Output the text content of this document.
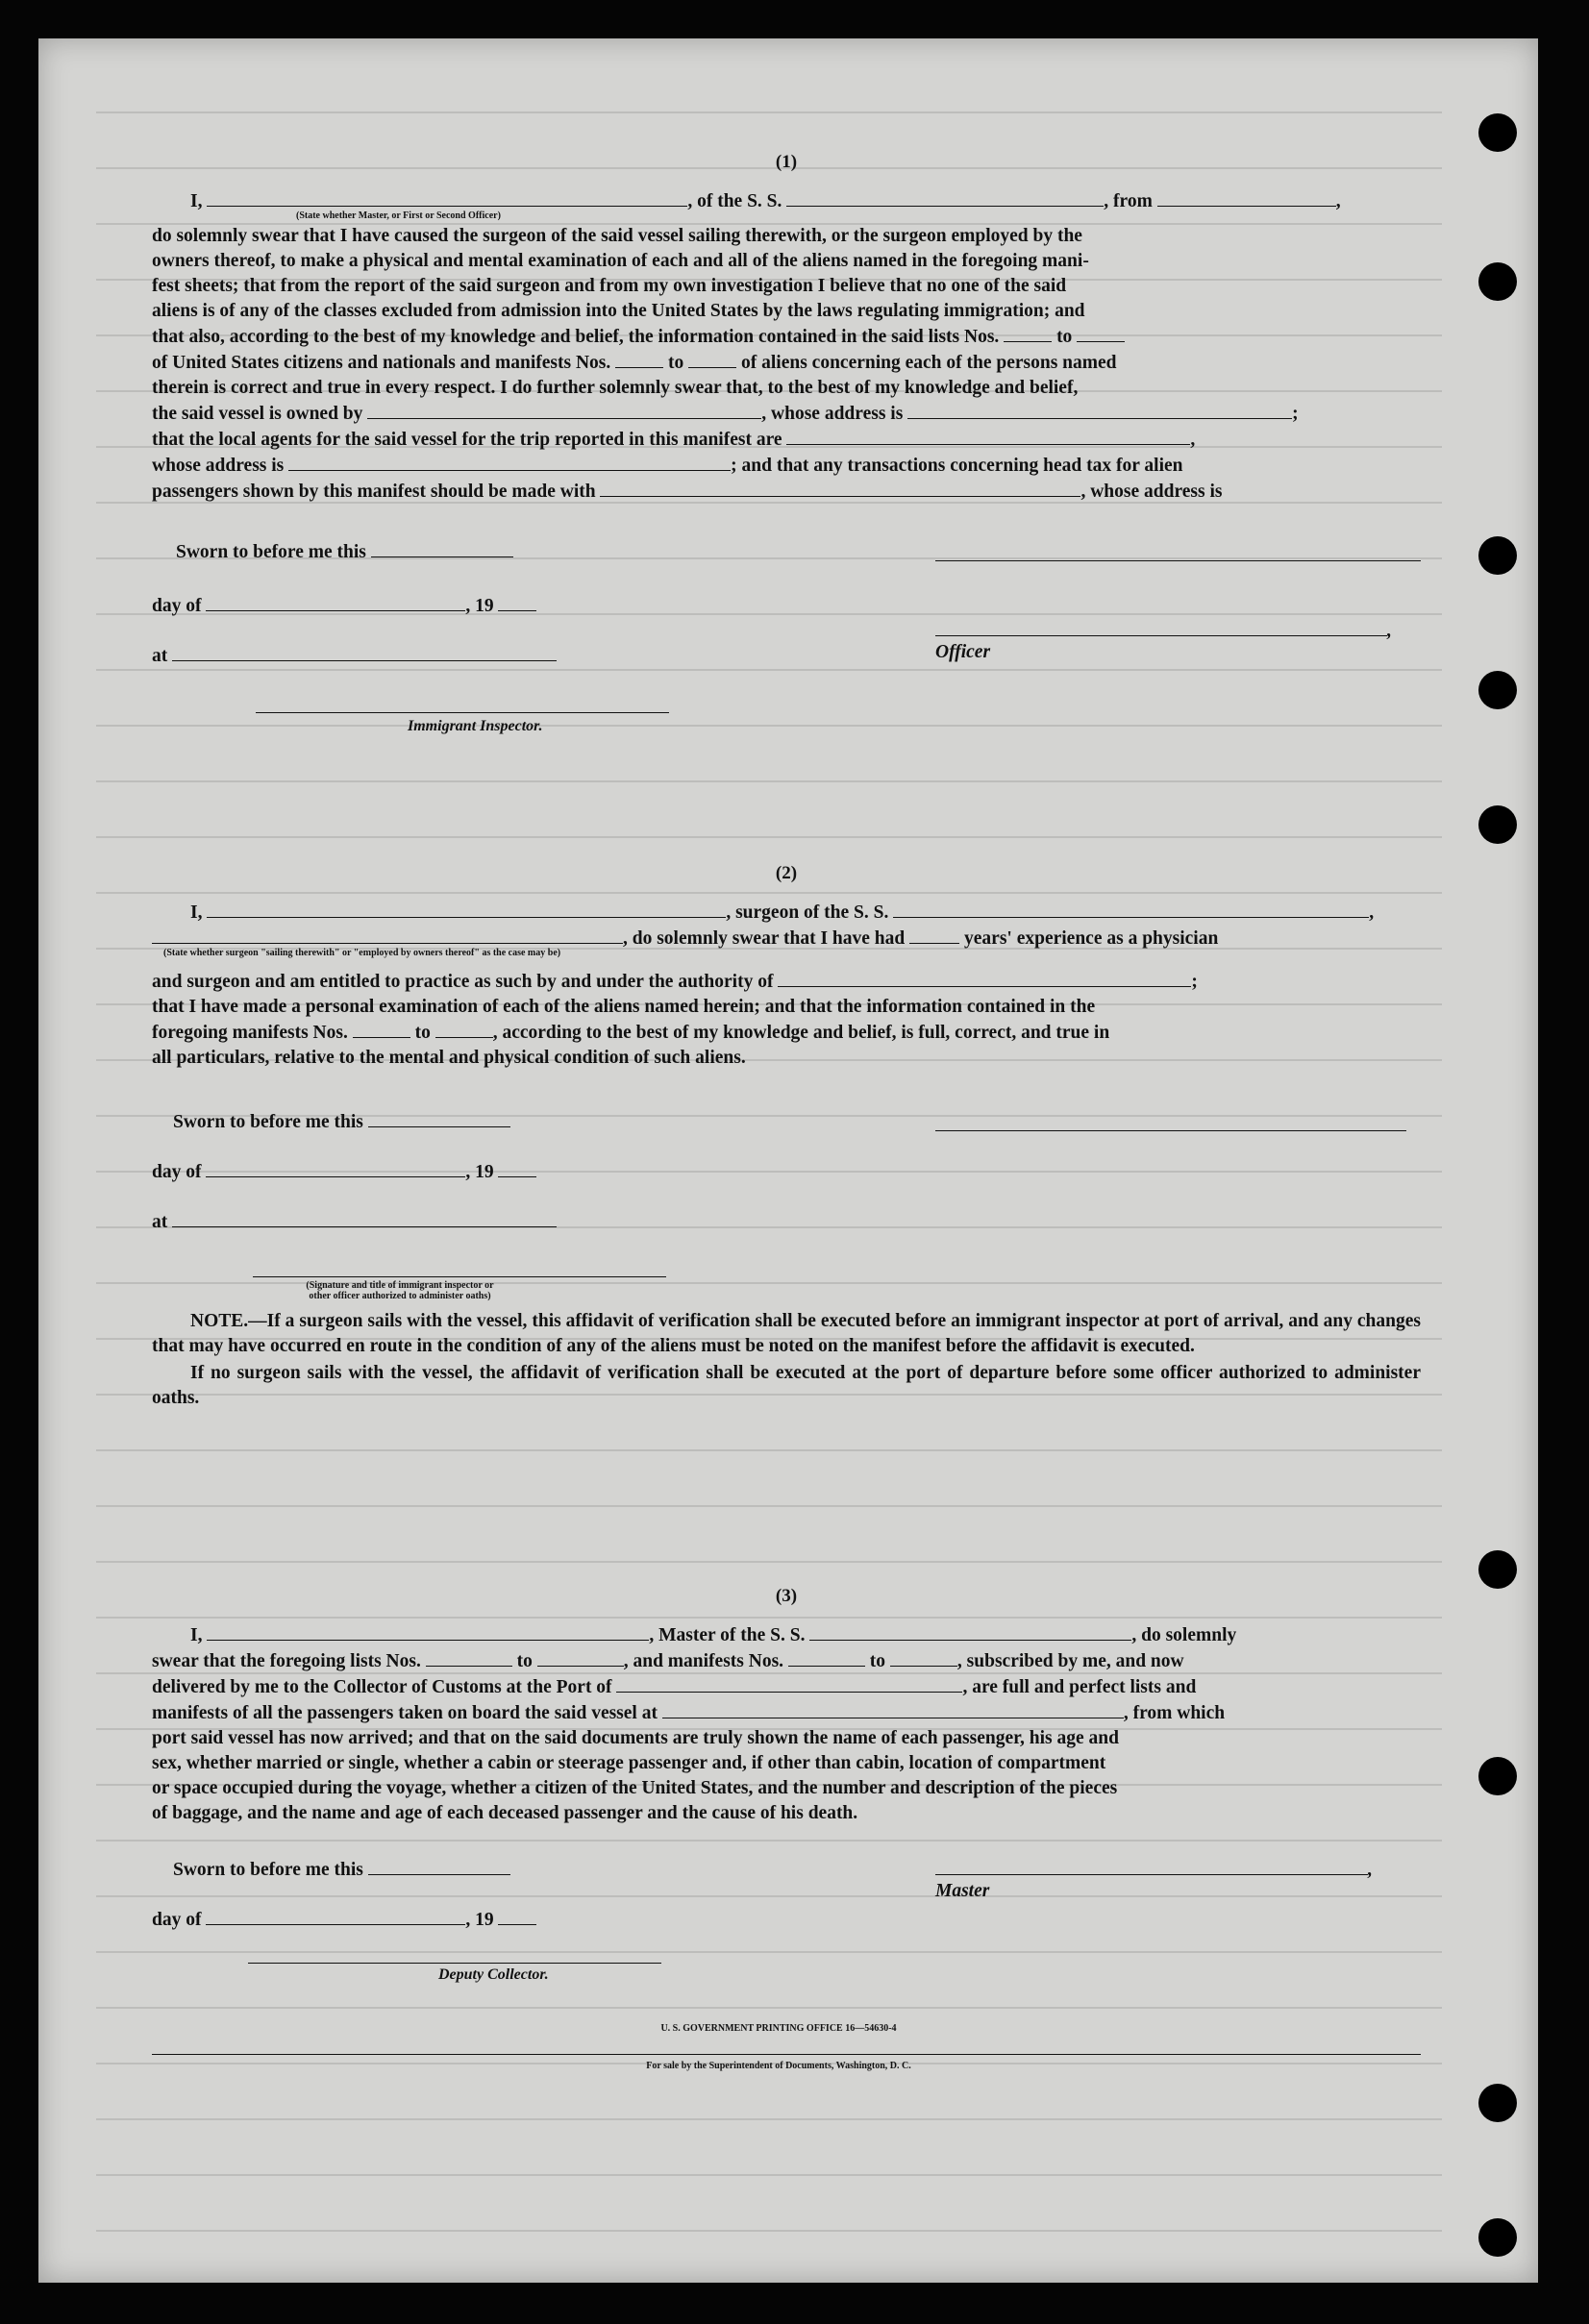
(1)
I,	, of the S. S.	, from	,
(State whether Master, or First or Second Officer)
do solemnly swear that I have caused the surgeon of the said vessel sailing therewith, or the surgeon employed by the
owners thereof, to make a physical and mental examination of each and all of the aliens named in the foregoing mani-
fest sheets; that from the report of the said surgeon and from my own investigation I believe that no one of the said
aliens is of any of the classes excluded from admission into the United States by the laws regulating immigration; and
that also, according to the best of my knowledge and belief, the information contained in the said lists Nos.	to
of United States citizens and nationals and manifests Nos.	to	of aliens concerning each of the persons named
therein is correct and true in every respect. I do further solemnly swear that, to the best of my knowledge and belief,
the said vessel is owned by	, whose address is	;
that the local agents for the said vessel for the trip reported in this manifest are	,
whose address is	; and that any transactions concerning head tax for alien
passengers shown by this manifest should be made with	, whose address is
Sworn to before me this
day of	, 19
at
Immigrant Inspector.
, Officer
(2)
I,	, surgeon of the S. S.	,
, do solemnly swear that I have had	years' experience as a physician
(State whether surgeon "sailing therewith" or "employed by owners thereof" as the case may be)
and surgeon and am entitled to practice as such by and under the authority of	;
that I have made a personal examination of each of the aliens named herein; and that the information contained in the
foregoing manifests Nos.	to	, according to the best of my knowledge and belief, is full, correct, and true in
all particulars, relative to the mental and physical condition of such aliens.
Sworn to before me this
day of	, 19
at
(Signature and title of immigrant inspector or
other officer authorized to administer oaths)
NOTE.—If a surgeon sails with the vessel, this affidavit of verification shall be executed before an immigrant inspector at port of arrival, and any changes that may have occurred en route in the condition of any of the aliens must be noted on the manifest before the affidavit is executed.
If no surgeon sails with the vessel, the affidavit of verification shall be executed at the port of departure before some officer authorized to administer oaths.
(3)
I,	, Master of the S. S.	, do solemnly
swear that the foregoing lists Nos.	to	, and manifests Nos.	to	, subscribed by me, and now
delivered by me to the Collector of Customs at the Port of	, are full and perfect lists and
manifests of all the passengers taken on board the said vessel at	, from which
port said vessel has now arrived; and that on the said documents are truly shown the name of each passenger, his age and
sex, whether married or single, whether a cabin or steerage passenger and, if other than cabin, location of compartment
or space occupied during the voyage, whether a citizen of the United States, and the number and description of the pieces
of baggage, and the name and age of each deceased passenger and the cause of his death.
Sworn to before me this	, Master
day of	, 19
Deputy Collector.
U. S. GOVERNMENT PRINTING OFFICE 16—54630-4
For sale by the Superintendent of Documents, Washington, D. C.
